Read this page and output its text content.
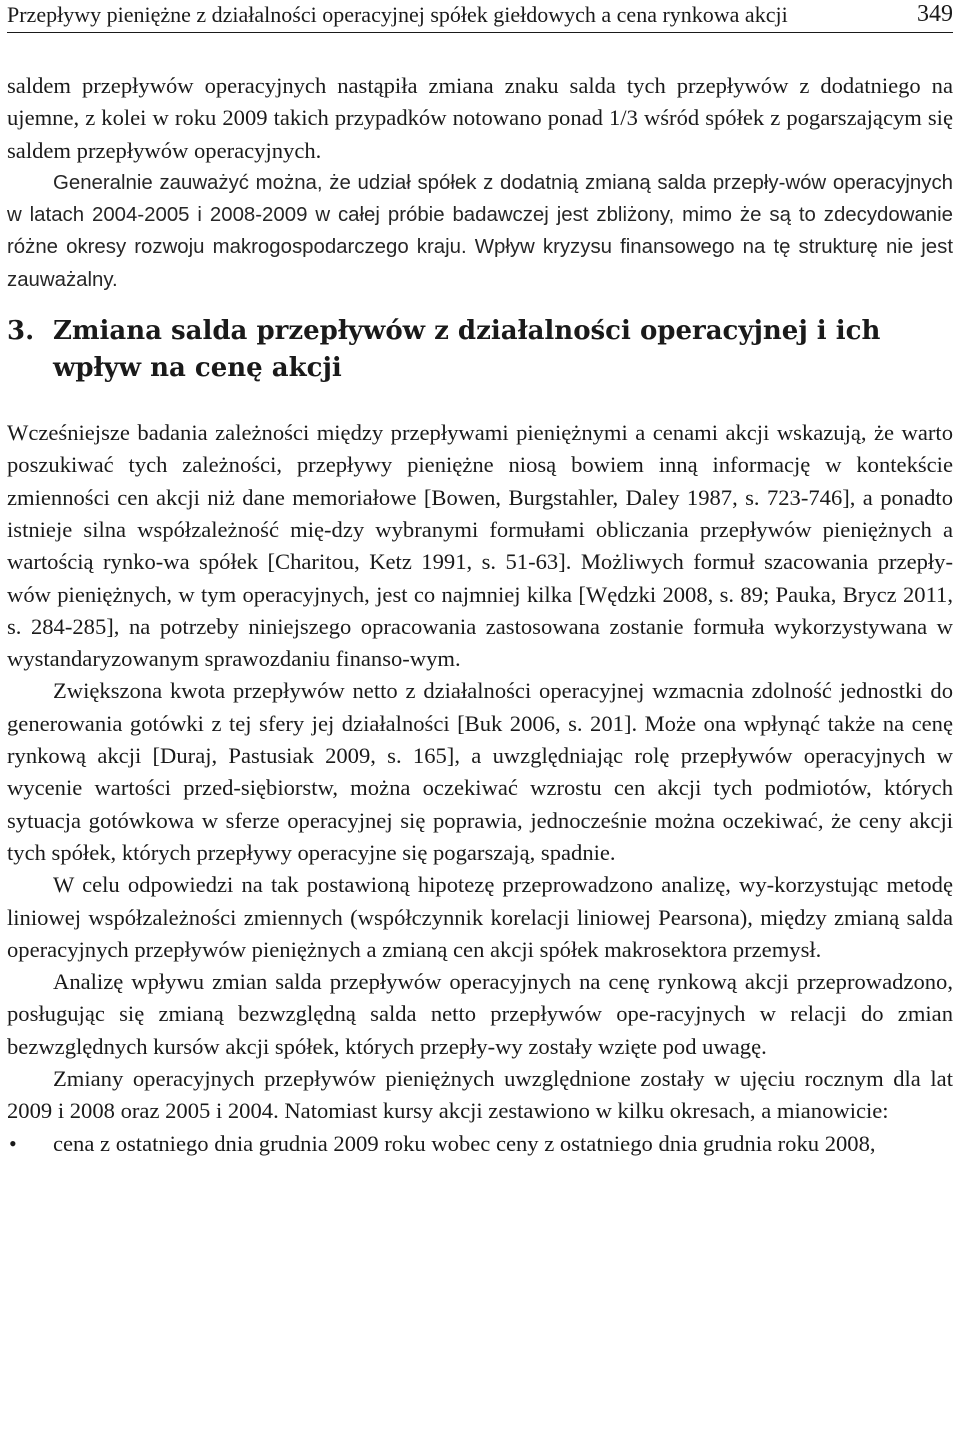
Przepływy pieniężne z działalności operacyjnej spółek giełdowych a cena rynkowa akcji	349

saldem przepływów operacyjnych nastąpiła zmiana znaku salda tych przepływów z dodatniego na ujemne, z kolei w roku 2009 takich przypadków notowano ponad 1/3 wśród spółek z pogarszającym się saldem przepływów operacyjnych.

Generalnie zauważyć można, że udział spółek z dodatnią zmianą salda przepły-wów operacyjnych w latach 2004-2005 i 2008-2009 w całej próbie badawczej jest zbliżony, mimo że są to zdecydowanie różne okresy rozwoju makrogospodarczego kraju. Wpływ kryzysu finansowego na tę strukturę nie jest zauważalny.

3. Zmiana salda przepływów z działalności operacyjnej i ich wpływ na cenę akcji

Wcześniejsze badania zależności między przepływami pieniężnymi a cenami akcji wskazują, że warto poszukiwać tych zależności, przepływy pieniężne niosą bowiem inną informację w kontekście zmienności cen akcji niż dane memoriałowe [Bowen, Burgstahler, Daley 1987, s. 723-746], a ponadto istnieje silna współzależność mię-dzy wybranymi formułami obliczania przepływów pieniężnych a wartością rynko-wa spółek [Charitou, Ketz 1991, s. 51-63]. Możliwych formuł szacowania przepły-wów pieniężnych, w tym operacyjnych, jest co najmniej kilka [Wędzki 2008, s. 89; Pauka, Brycz 2011, s. 284-285], na potrzeby niniejszego opracowania zastosowana zostanie formuła wykorzystywana w wystandaryzowanym sprawozdaniu finanso-wym.

Zwiększona kwota przepływów netto z działalności operacyjnej wzmacnia zdolność jednostki do generowania gotówki z tej sfery jej działalności [Buk 2006, s. 201]. Może ona wpłynąć także na cenę rynkową akcji [Duraj, Pastusiak 2009, s. 165], a uwzględniając rolę przepływów operacyjnych w wycenie wartości przed-siębiorstw, można oczekiwać wzrostu cen akcji tych podmiotów, których sytuacja gotówkowa w sferze operacyjnej się poprawia, jednocześnie można oczekiwać, że ceny akcji tych spółek, których przepływy operacyjne się pogarszają, spadnie.

W celu odpowiedzi na tak postawioną hipotezę przeprowadzono analizę, wy-korzystując metodę liniowej współzależności zmiennych (współczynnik korelacji liniowej Pearsona), między zmianą salda operacyjnych przepływów pieniężnych a zmianą cen akcji spółek makrosektora przemysł.

Analizę wpływu zmian salda przepływów operacyjnych na cenę rynkową akcji przeprowadzono, posługując się zmianą bezwzględną salda netto przepływów ope-racyjnych w relacji do zmian bezwzględnych kursów akcji spółek, których przepły-wy zostały wzięte pod uwagę.

Zmiany operacyjnych przepływów pieniężnych uwzględnione zostały w ujęciu rocznym dla lat 2009 i 2008 oraz 2005 i 2004. Natomiast kursy akcji zestawiono w kilku okresach, a mianowicie:

• cena z ostatniego dnia grudnia 2009 roku wobec ceny z ostatniego dnia grudnia roku 2008,
